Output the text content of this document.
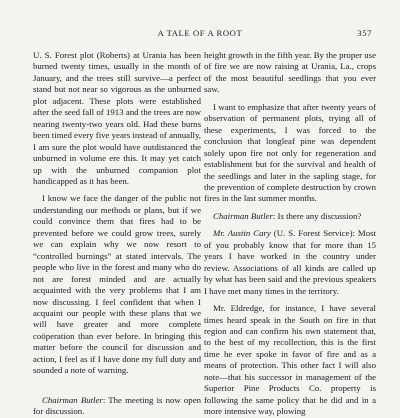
A TALE OF A ROOT	357

U. S. Forest plot (Roberts) at Urania has been burned twenty times, usually in the month of January, and the trees still survive—a perfect stand but not near so vigorous as the unburned plot adjacent. These plots were established after the seed fall of 1913 and the trees are now nearing twenty-two years old. Had these burns been timed every five years instead of annually, I am sure the plot would have outdistanced the unburned in volume ere this. It may yet catch up with the unburned companion plot handicapped as it has been.

I know we face the danger of the public not understanding our methods or plans, but if we could convince them that fires had to be prevented before we could grow trees, surely we can explain why we now resort to “controlled burnings” at stated intervals. The people who live in the forest and many who do not are forest minded and are actually acquainted with the very problems that I am now discussing. I feel confident that when I acquaint our people with these plans that we will have greater and more complete coöperation than ever before. In bringing this matter before the council for discussion and action, I feel as if I have done my full duty and sounded a note of warning.

Chairman Butler: The meeting is now open for discussion.

height growth in the fifth year. By the proper use of fire we are now raising at Urania, La., crops of the most beautiful seedlings that you ever saw.

I want to emphasize that after twenty years of observation of permanent plots, trying all of these experiments, I was forced to the conclusion that longleaf pine was dependent solely upon fire not only for regeneration and establishment but for the survival and health of the seedlings and later in the sapling stage, for the prevention of complete destruction by crown fires in the last summer months.

Chairman Butler: Is there any discussion?

Mr. Austin Cary (U. S. Forest Service): Most of you probably know that for more than 15 years I have worked in the country under review. Associations of all kinds are called up by what has been said and the previous speakers I have met many times in the territory.

Mr. Eldredge, for instance, I have several times heard speak in the South on fire in that region and can confirm his own statement that, to the best of my recollection, this is the first time he ever spoke in favor of fire and as a means of protection. This other fact I will also note—that his successor in management of the Superior Pine Products Co. property is following the same policy that he did and in a more intensive way, plowing
